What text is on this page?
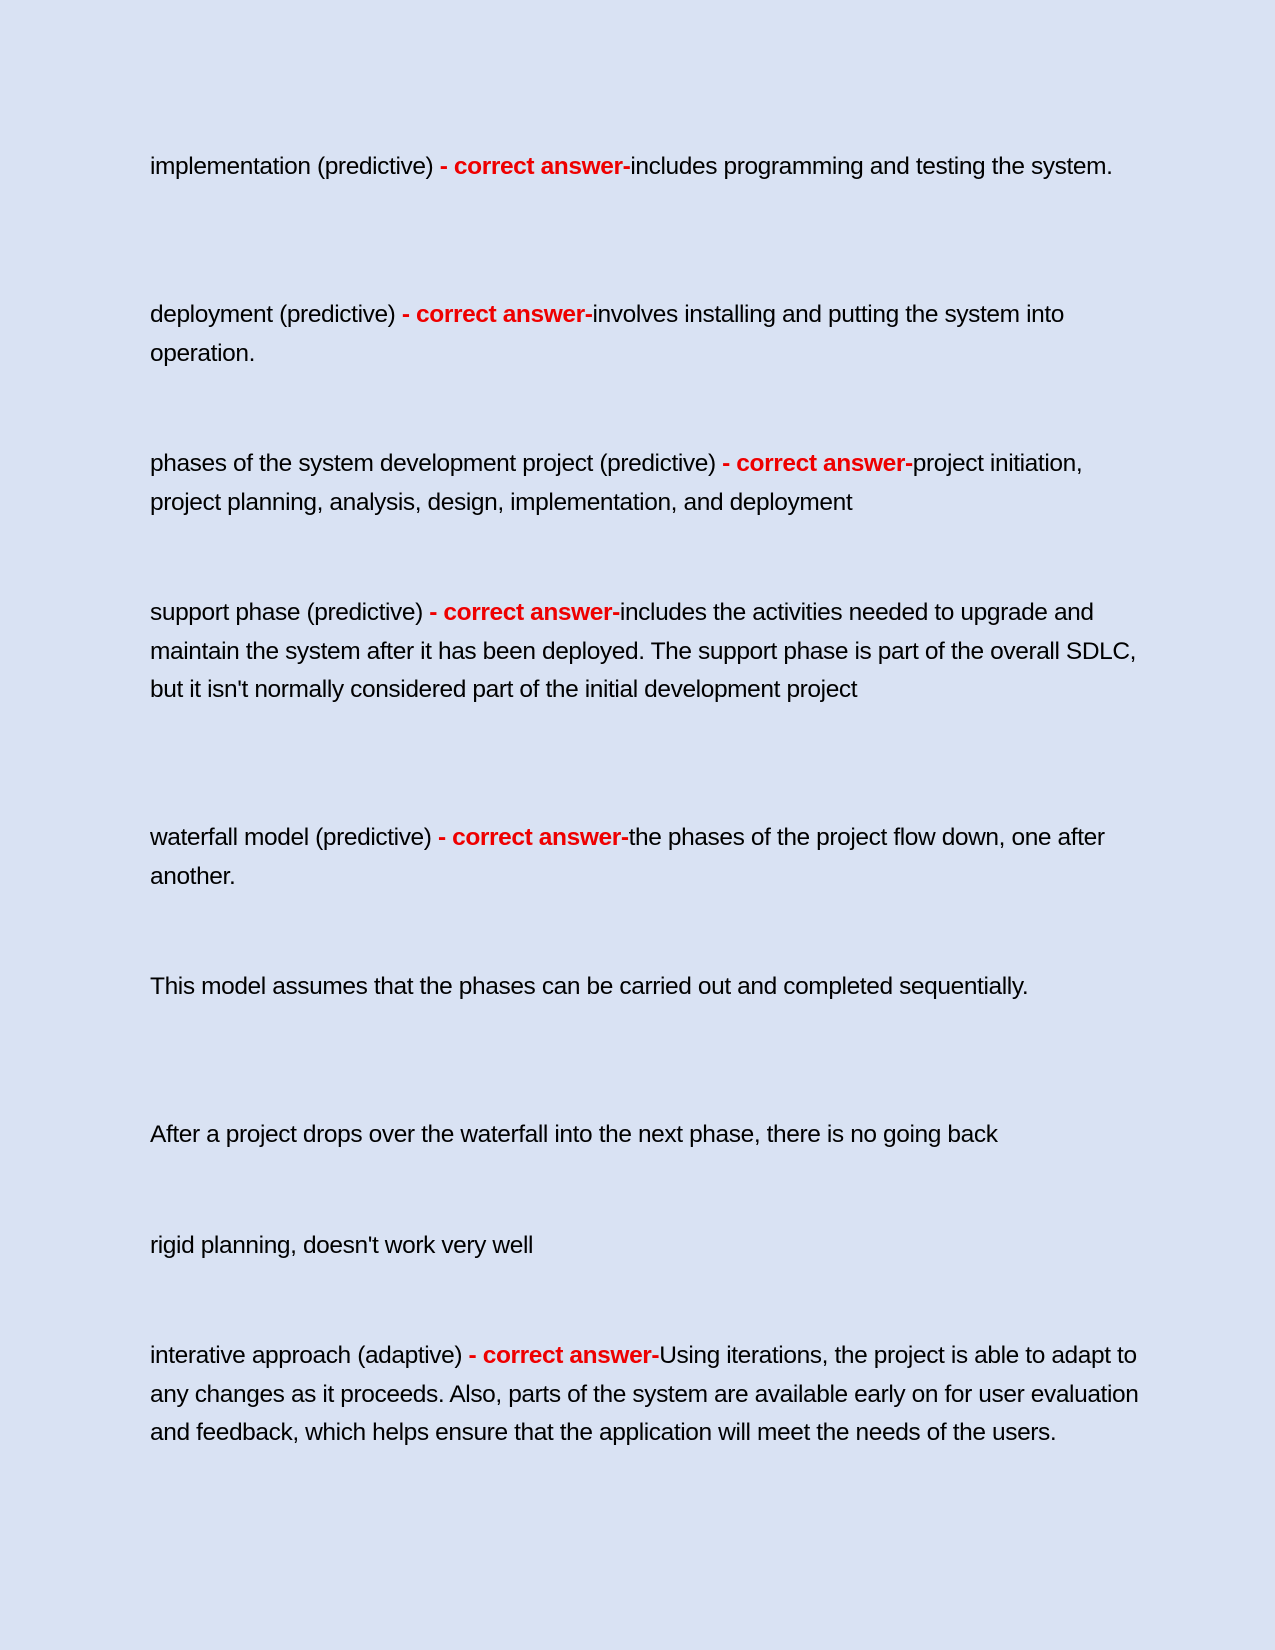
implementation (predictive) - correct answer-includes programming and testing the system.

deployment (predictive) - correct answer-involves installing and putting the system into operation.

phases of the system development project (predictive) - correct answer-project initiation, project planning, analysis, design, implementation, and deployment

support phase (predictive) - correct answer-includes the activities needed to upgrade and maintain the system after it has been deployed. The support phase is part of the overall SDLC, but it isn't normally considered part of the initial development project

waterfall model (predictive) - correct answer-the phases of the project flow down, one after another.

This model assumes that the phases can be carried out and completed sequentially.

After a project drops over the waterfall into the next phase, there is no going back

rigid planning, doesn't work very well

interative approach (adaptive) - correct answer-Using iterations, the project is able to adapt to any changes as it proceeds. Also, parts of the system are available early on for user evaluation and feedback, which helps ensure that the application will meet the needs of the users.
